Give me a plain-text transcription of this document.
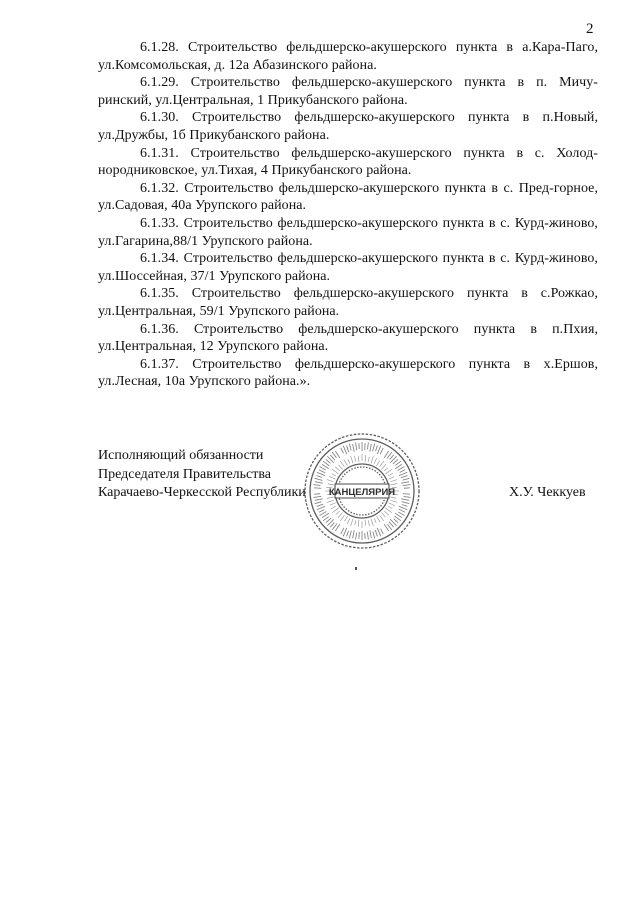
2

6.1.28. Строительство фельдшерско-акушерского пункта в а.Кара-Паго, ул.Комсомольская, д. 12а Абазинского района.

6.1.29. Строительство фельдшерско-акушерского пункта в п. Мичу-ринский, ул.Центральная, 1 Прикубанского района.

6.1.30. Строительство фельдшерско-акушерского пункта в п.Новый, ул.Дружбы, 1б Прикубанского района.

6.1.31. Строительство фельдшерско-акушерского пункта в с. Холод-нородниковское, ул.Тихая, 4 Прикубанского района.

6.1.32. Строительство фельдшерско-акушерского пункта в с. Пред-горное, ул.Садовая, 40а Урупского района.

6.1.33. Строительство фельдшерско-акушерского пункта в с. Курд-жиново, ул.Гагарина,88/1 Урупского района.

6.1.34. Строительство фельдшерско-акушерского пункта в с. Курд-жиново, ул.Шоссейная, 37/1 Урупского района.

6.1.35. Строительство фельдшерско-акушерского пункта в с.Рожкао, ул.Центральная, 59/1 Урупского района.

6.1.36. Строительство фельдшерско-акушерского пункта в п.Пхия, ул.Центральная, 12 Урупского района.

6.1.37. Строительство фельдшерско-акушерского пункта в х.Ершов, ул.Лесная, 10а Урупского района.».

Исполняющий обязанности
Председателя Правительства
Карачаево-Черкесской Республики	Х.У. Чеккуев
КАНЦЕЛЯРИЯ
